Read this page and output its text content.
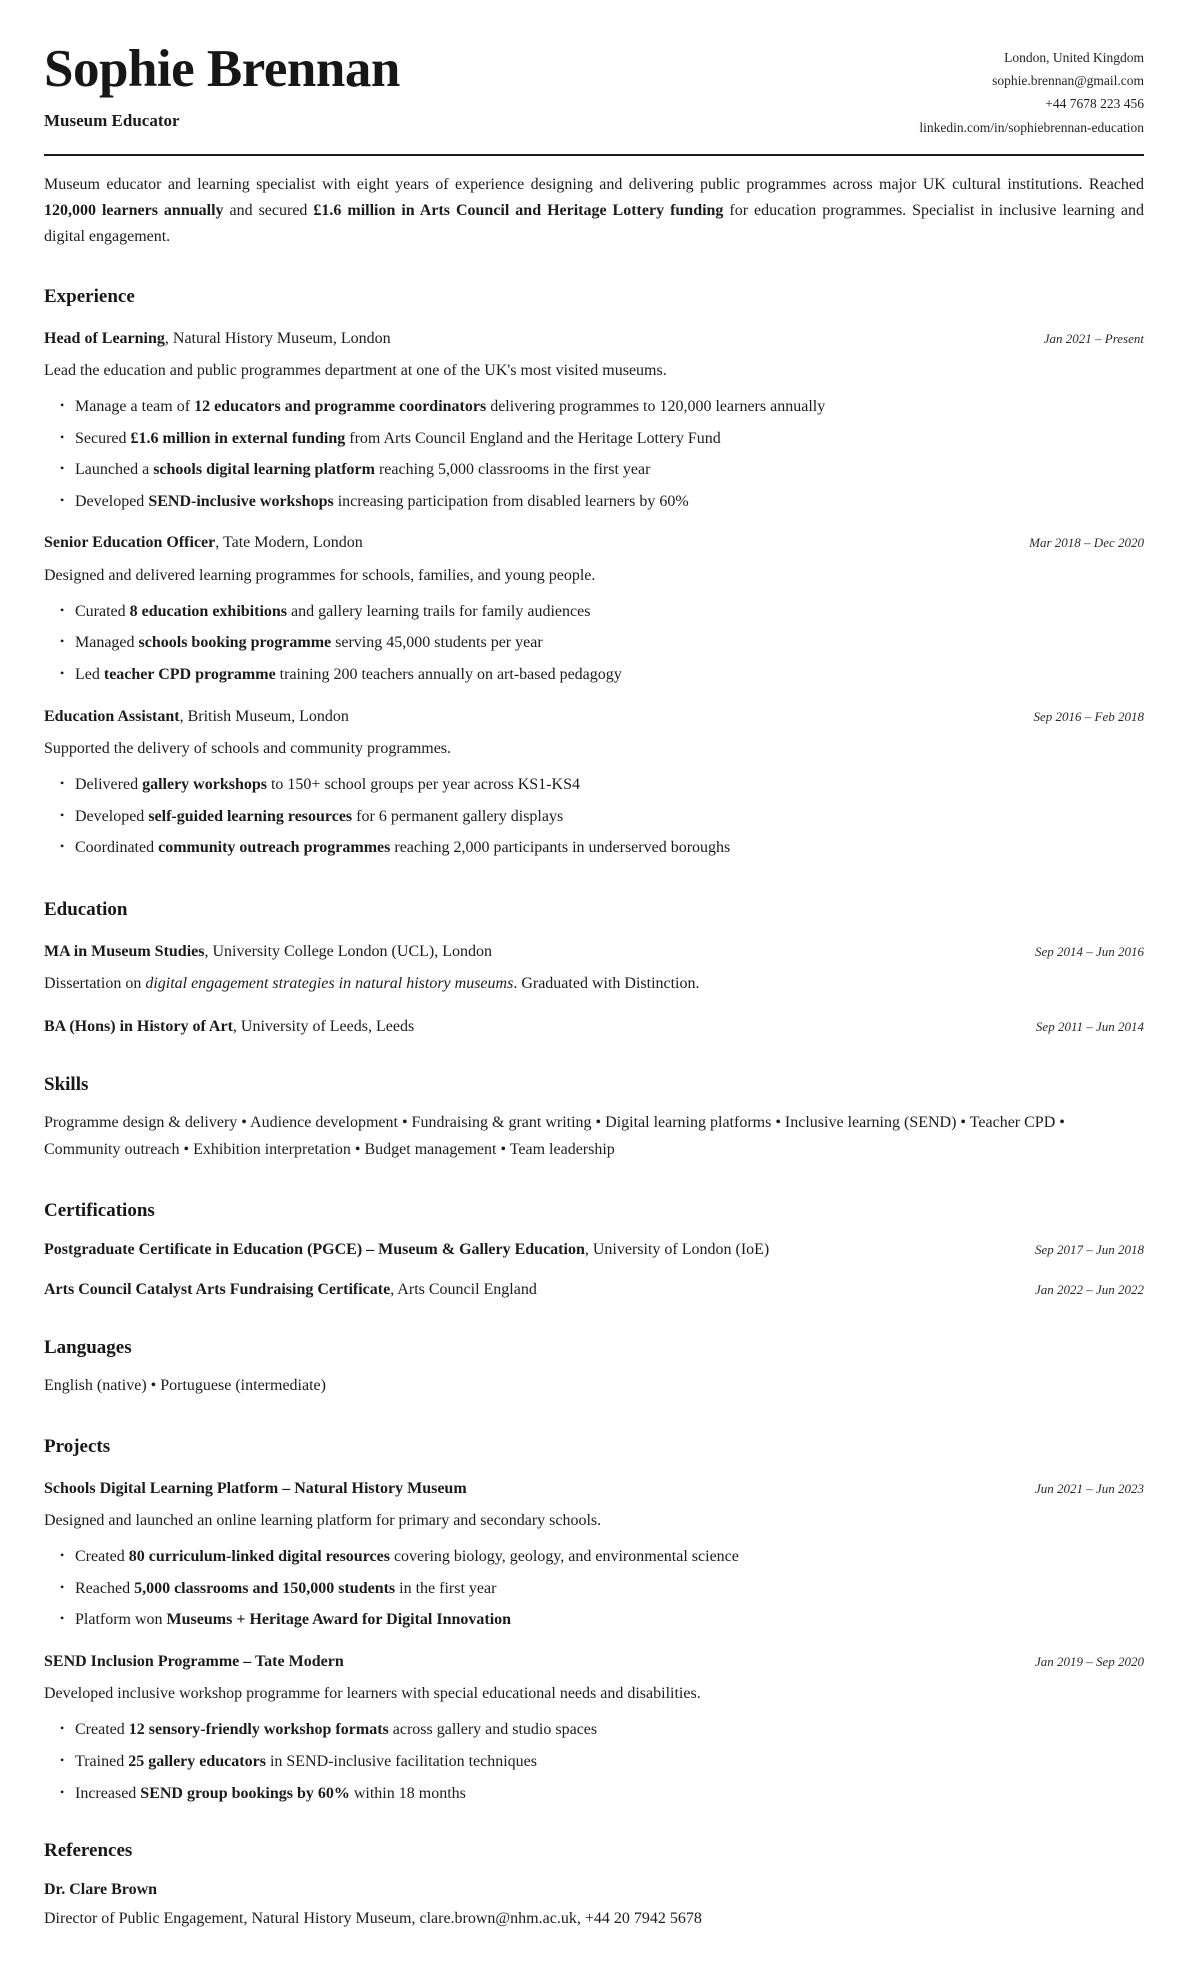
Sophie Brennan
Museum Educator
London, United Kingdom
sophie.brennan@gmail.com
+44 7678 223 456
linkedin.com/in/sophiebrennan-education

Museum educator and learning specialist with eight years of experience designing and delivering public programmes across major UK cultural institutions. Reached 120,000 learners annually and secured £1.6 million in Arts Council and Heritage Lottery funding for education programmes. Specialist in inclusive learning and digital engagement.

Experience
Head of Learning, Natural History Museum, London	Jan 2021 – Present

Lead the education and public programmes department at one of the UK's most visited museums.

• Manage a team of 12 educators and programme coordinators delivering programmes to 120,000 learners annually
• Secured £1.6 million in external funding from Arts Council England and the Heritage Lottery Fund
• Launched a schools digital learning platform reaching 5,000 classrooms in the first year
• Developed SEND-inclusive workshops increasing participation from disabled learners by 60%
Senior Education Officer, Tate Modern, London	Mar 2018 – Dec 2020

Designed and delivered learning programmes for schools, families, and young people.

• Curated 8 education exhibitions and gallery learning trails for family audiences
• Managed schools booking programme serving 45,000 students per year
• Led teacher CPD programme training 200 teachers annually on art-based pedagogy
Education Assistant, British Museum, London	Sep 2016 – Feb 2018

Supported the delivery of schools and community programmes.

• Delivered gallery workshops to 150+ school groups per year across KS1-KS4
• Developed self-guided learning resources for 6 permanent gallery displays
• Coordinated community outreach programmes reaching 2,000 participants in underserved boroughs
Education
MA in Museum Studies, University College London (UCL), London	Sep 2014 – Jun 2016

Dissertation on digital engagement strategies in natural history museums. Graduated with Distinction.

BA (Hons) in History of Art, University of Leeds, Leeds	Sep 2011 – Jun 2014
Skills

Programme design & delivery • Audience development • Fundraising & grant writing • Digital learning platforms • Inclusive learning (SEND) • Teacher CPD • Community outreach • Exhibition interpretation • Budget management • Team leadership

Certifications
Postgraduate Certificate in Education (PGCE) – Museum & Gallery Education, University of London (IoE)	Sep 2017 – Jun 2018
Arts Council Catalyst Arts Fundraising Certificate, Arts Council England	Jan 2022 – Jun 2022
Languages

English (native) • Portuguese (intermediate)

Projects
Schools Digital Learning Platform – Natural History Museum	Jun 2021 – Jun 2023

Designed and launched an online learning platform for primary and secondary schools.

• Created 80 curriculum-linked digital resources covering biology, geology, and environmental science
• Reached 5,000 classrooms and 150,000 students in the first year
• Platform won Museums + Heritage Award for Digital Innovation
SEND Inclusion Programme – Tate Modern	Jan 2019 – Sep 2020

Developed inclusive workshop programme for learners with special educational needs and disabilities.

• Created 12 sensory-friendly workshop formats across gallery and studio spaces
• Trained 25 gallery educators in SEND-inclusive facilitation techniques
• Increased SEND group bookings by 60% within 18 months
References
Dr. Clare Brown
Director of Public Engagement, Natural History Museum, clare.brown@nhm.ac.uk, +44 20 7942 5678
